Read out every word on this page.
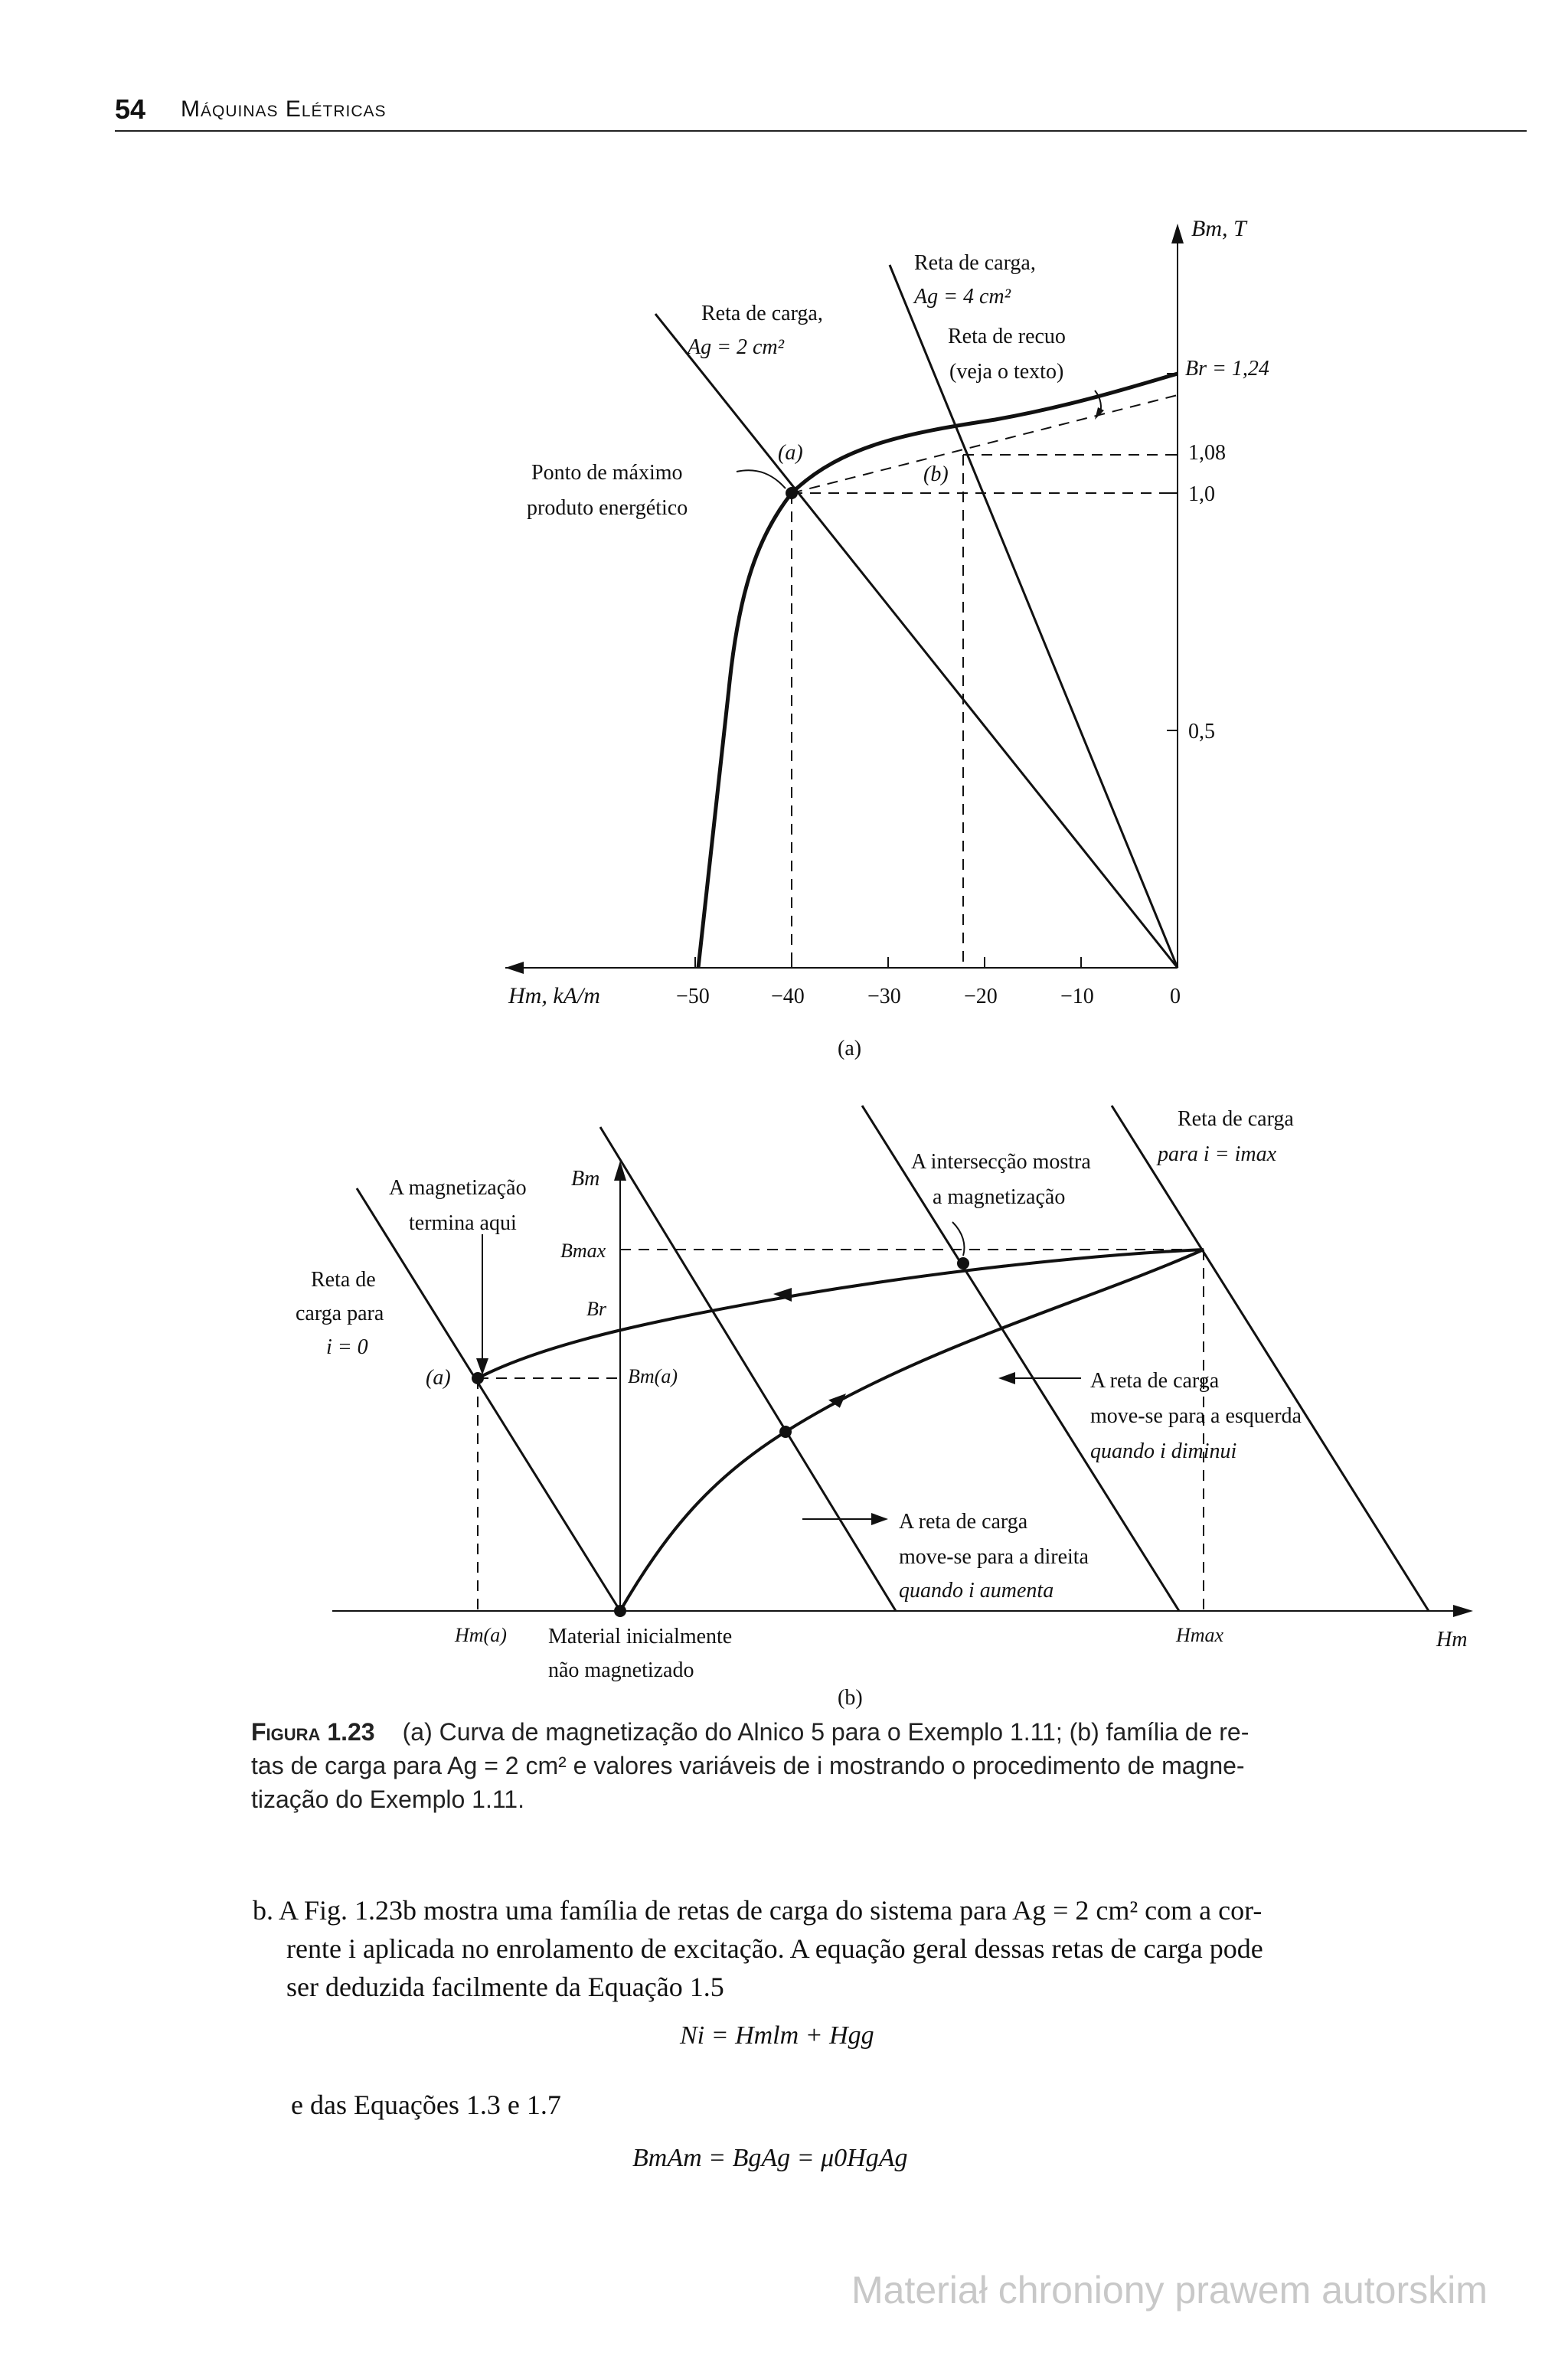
54 Máquinas Elétricas
Bm, T
Br = 1,24
1,08
1,0
0,5
Hm, kA/m	−50	−40	−30	−20	−10	0
Reta de carga,
Ag = 4 cm²
Reta de carga,
Ag = 2 cm²	Reta de recuo
(veja o texto)
Ponto de máximo
produto energético
(a)
(b)
(a)
A magnetização
termina aqui
Reta de
carga para
i = 0
Bm
Bmax
Br
Bm(a)
(a)
A intersecção mostra
a magnetização
Reta de carga
para i = imax
A reta de carga
move-se para a esquerda
quando i diminui
A reta de carga
move-se para a direita
quando i aumenta
Hm(a) Material inicialmente
não magnetizado
Hmax	Hm
(b)
Figura 1.23 (a) Curva de magnetização do Alnico 5 para o Exemplo 1.11; (b) família de re-
tas de carga para Ag = 2 cm² e valores variáveis de i mostrando o procedimento de magne-
tização do Exemplo 1.11.
b. A Fig. 1.23b mostra uma família de retas de carga do sistema para Ag = 2 cm² com a cor-
rente i aplicada no enrolamento de excitação. A equação geral dessas retas de carga pode
ser deduzida facilmente da Equação 1.5
Ni = Hmlm + Hgg
e das Equações 1.3 e 1.7
BmAm = BgAg = μ0HgAg
Materiał chroniony prawem autorskim
